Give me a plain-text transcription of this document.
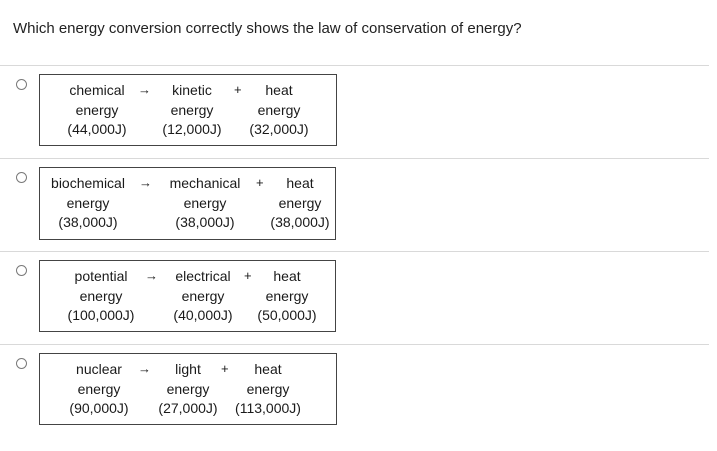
Which energy conversion correctly shows the law of conservation of energy?
chemical
energy
(44,000J)
→	kinetic
energy
(12,000J)
+	heat
energy
(32,000J)
biochemical
energy
(38,000J)
→	mechanical
energy
(38,000J)
+	heat
energy
(38,000J)
potential
energy
(100,000J)
→	electrical
energy
(40,000J)
+	heat
energy
(50,000J)
nuclear
energy
(90,000J)
→	light
energy
(27,000J)
+	heat
energy
(113,000J)
